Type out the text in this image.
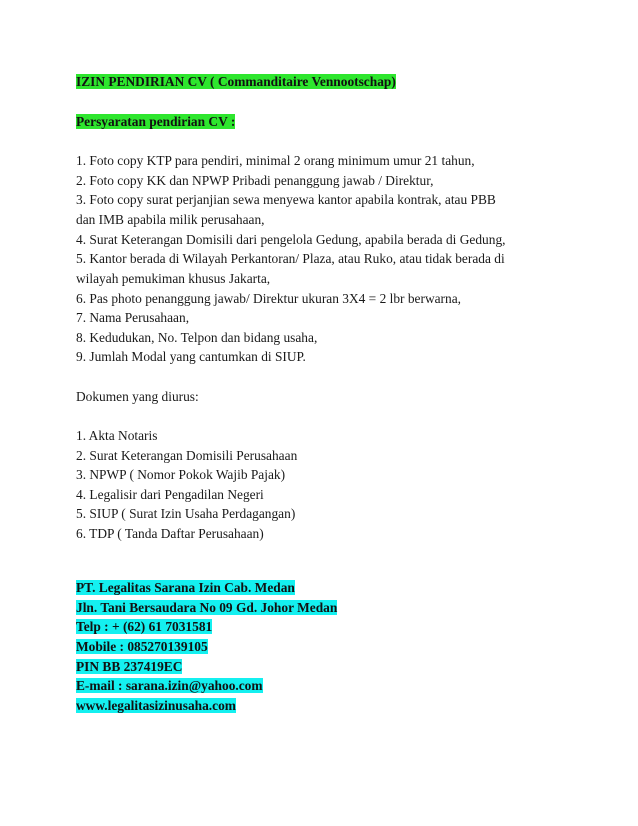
IZIN PENDIRIAN CV ( Commanditaire Vennootschap)
Persyaratan pendirian CV :
1. Foto copy KTP para pendiri, minimal 2 orang minimum umur 21 tahun,
2. Foto copy KK dan NPWP Pribadi penanggung jawab / Direktur,
3. Foto copy surat perjanjian sewa menyewa kantor apabila kontrak, atau PBB
dan IMB apabila milik perusahaan,
4. Surat Keterangan Domisili dari pengelola Gedung, apabila berada di Gedung,
5. Kantor berada di Wilayah Perkantoran/ Plaza, atau Ruko, atau tidak berada di
wilayah pemukiman khusus Jakarta,
6. Pas photo penanggung jawab/ Direktur ukuran 3X4 = 2 lbr berwarna,
7. Nama Perusahaan,
8. Kedudukan, No. Telpon dan bidang usaha,
9. Jumlah Modal yang cantumkan di SIUP.
Dokumen yang diurus:
1. Akta Notaris
2. Surat Keterangan Domisili Perusahaan
3. NPWP ( Nomor Pokok Wajib Pajak)
4. Legalisir dari Pengadilan Negeri
5. SIUP ( Surat Izin Usaha Perdagangan)
6. TDP ( Tanda Daftar Perusahaan)
PT. Legalitas Sarana Izin Cab. Medan
Jln. Tani Bersaudara No 09 Gd. Johor Medan
Telp : + (62) 61 7031581
Mobile : 085270139105
PIN BB 237419EC
E-mail : sarana.izin@yahoo.com
www.legalitasizinusaha.com
